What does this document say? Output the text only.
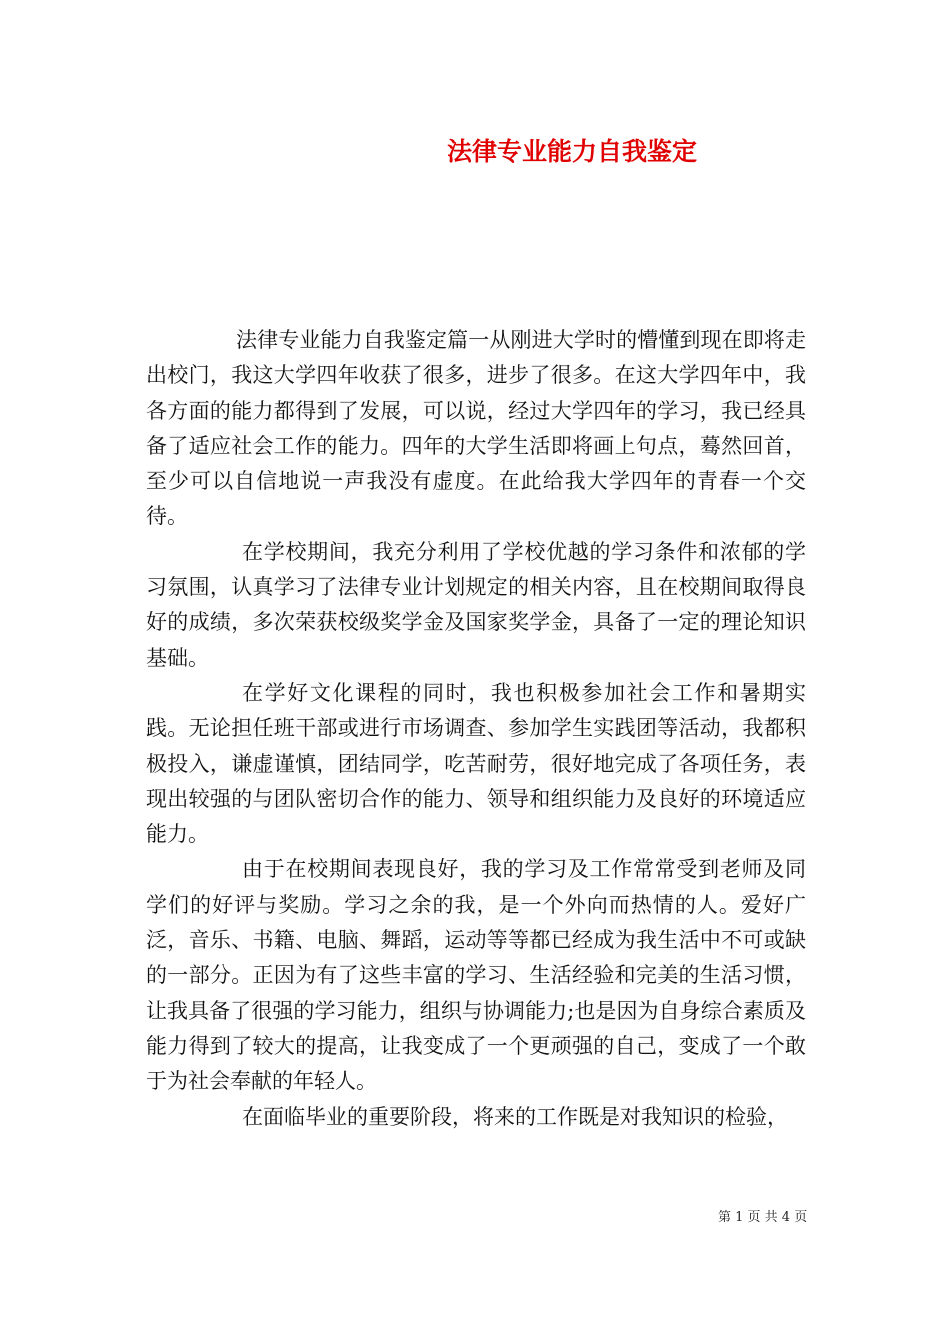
法律专业能力自我鉴定

法律专业能力自我鉴定篇一从刚进大学时的懵懂到现在即将走出校门，我这大学四年收获了很多，进步了很多。在这大学四年中，我各方面的能力都得到了发展，可以说，经过大学四年的学习，我已经具备了适应社会工作的能力。四年的大学生活即将画上句点，蓦然回首，至少可以自信地说一声我没有虚度。在此给我大学四年的青春一个交待。

在学校期间，我充分利用了学校优越的学习条件和浓郁的学习氛围，认真学习了法律专业计划规定的相关内容，且在校期间取得良好的成绩，多次荣获校级奖学金及国家奖学金，具备了一定的理论知识基础。

在学好文化课程的同时，我也积极参加社会工作和暑期实践。无论担任班干部或进行市场调查、参加学生实践团等活动，我都积极投入，谦虚谨慎，团结同学，吃苦耐劳，很好地完成了各项任务，表现出较强的与团队密切合作的能力、领导和组织能力及良好的环境适应能力。

由于在校期间表现良好，我的学习及工作常常受到老师及同学们的好评与奖励。学习之余的我，是一个外向而热情的人。爱好广泛，音乐、书籍、电脑、舞蹈，运动等等都已经成为我生活中不可或缺的一部分。正因为有了这些丰富的学习、生活经验和完美的生活习惯，让我具备了很强的学习能力，组织与协调能力;也是因为自身综合素质及能力得到了较大的提高，让我变成了一个更顽强的自己，变成了一个敢于为社会奉献的年轻人。

在面临毕业的重要阶段，将来的工作既是对我知识的检验，

第 1 页 共 4 页
